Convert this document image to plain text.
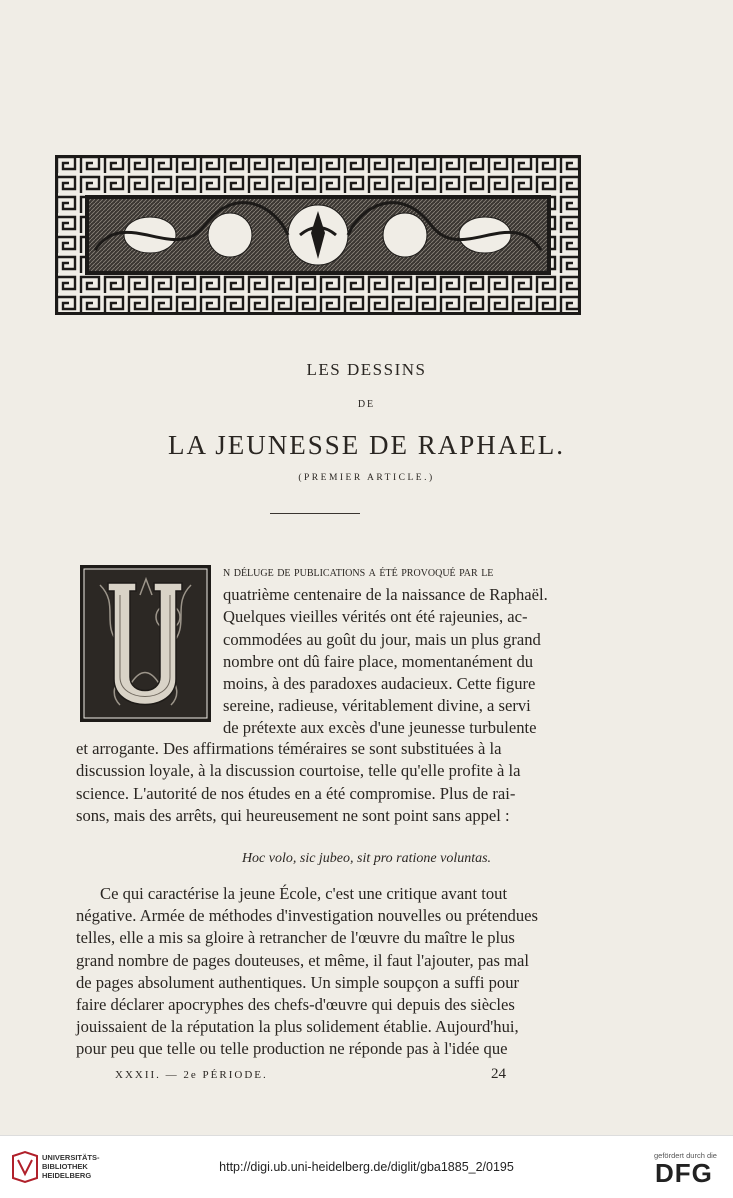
LES DESSINS
DE
LA JEUNESSE DE RAPHAEL.
(PREMIER ARTICLE.)

n déluge de publications a été provoqué par le

quatrième centenaire de la naissance de Raphaël.

Quelques vieilles vérités ont été rajeunies, ac-

commodées au goût du jour, mais un plus grand

nombre ont dû faire place, momentanément du

moins, à des paradoxes audacieux. Cette figure

sereine, radieuse, véritablement divine, a servi

de prétexte aux excès d'une jeunesse turbulente

et arrogante. Des affirmations téméraires se sont substituées à la

discussion loyale, à la discussion courtoise, telle qu'elle profite à la

science. L'autorité de nos études en a été compromise. Plus de rai-

sons, mais des arrêts, qui heureusement ne sont point sans appel :

Hoc volo, sic jubeo, sit pro ratione voluntas.

Ce qui caractérise la jeune École, c'est une critique avant tout

négative. Armée de méthodes d'investigation nouvelles ou prétendues

telles, elle a mis sa gloire à retrancher de l'œuvre du maître le plus

grand nombre de pages douteuses, et même, il faut l'ajouter, pas mal

de pages absolument authentiques. Un simple soupçon a suffi pour

faire déclarer apocryphes des chefs-d'œuvre qui depuis des siècles

jouissaient de la réputation la plus solidement établie. Aujourd'hui,

pour peu que telle ou telle production ne réponde pas à l'idée que

XXXII. — 2e PÉRIODE.	24
UNIVERSITÄTS-
BIBLIOTHEK
HEIDELBERG
http://digi.ub.uni-heidelberg.de/diglit/gba1885_2/0195
gefördert durch die
DFG
